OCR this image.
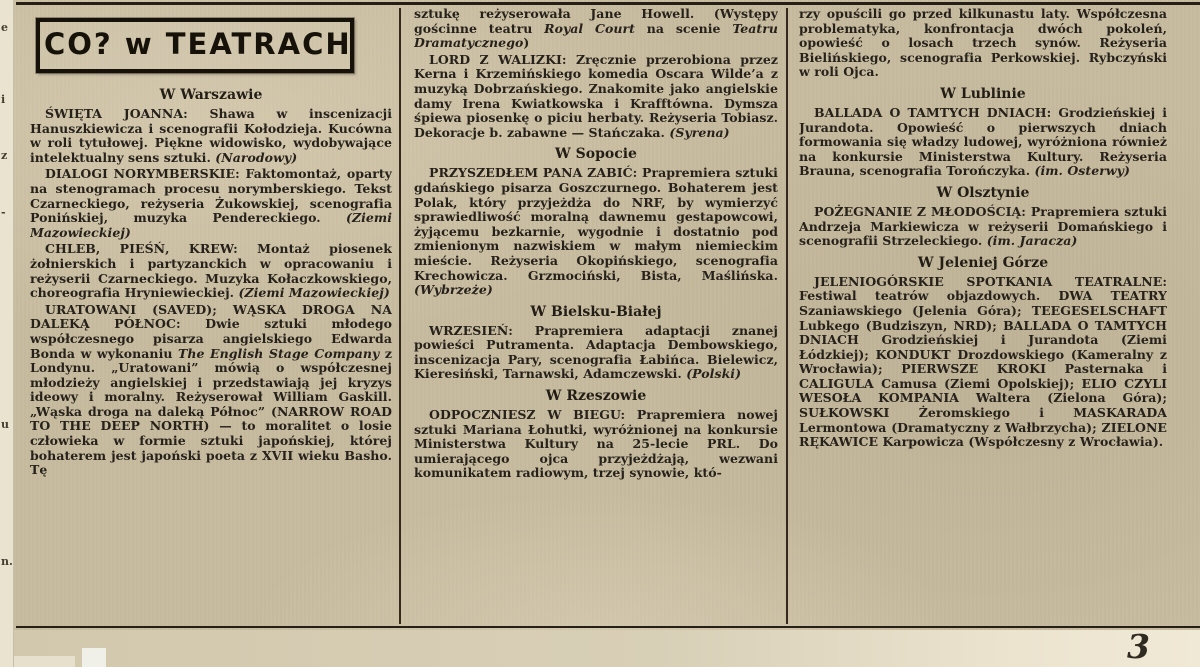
CO? w TEATRACH
W Warszawie

ŚWIĘTA JOANNA: Shawa w inscenizacji Hanuszkiewicza i scenografii Kołodzieja. Kucówna w roli tytułowej. Piękne widowisko, wydobywające intelektualny sens sztuki. (Narodowy)

DIALOGI NORYMBERSKIE: Faktomontaż, oparty na stenogramach procesu norymberskiego. Tekst Czarneckiego, reżyseria Żukowskiej, scenografia Ponińskiej, muzyka Pendereckiego. (Ziemi Mazowieckiej)

CHLEB, PIEŚŃ, KREW: Montaż piosenek żołnierskich i partyzanckich w opracowaniu i reżyserii Czarneckiego. Muzyka Kołaczkowskiego, choreografia Hryniewieckiej. (Ziemi Mazowieckiej)

URATOWANI (SAVED); WĄSKA DROGA NA DALEKĄ PÓŁNOC: Dwie sztuki młodego współczesnego pisarza angielskiego Edwarda Bonda w wykonaniu The English Stage Company z Londynu. „Uratowani” mówią o współczesnej młodzieży angielskiej i przedstawiają jej kryzys ideowy i moralny. Reżyserował William Gaskill. „Wąska droga na daleką Północ” (NARROW ROAD TO THE DEEP NORTH) — to moralitet o losie człowieka w formie sztuki japońskiej, której bohaterem jest japoński poeta z XVII wieku Basho. Tę

sztukę reżyserowała Jane Howell. (Występy gościnne teatru Royal Court na scenie Teatru Dramatycznego)

LORD Z WALIZKI: Zręcznie przerobiona przez Kerna i Krzemińskiego komedia Oscara Wilde’a z muzyką Dobrzańskiego. Znakomite jako angielskie damy Irena Kwiatkowska i Krafftówna. Dymsza śpiewa piosenkę o piciu herbaty. Reżyseria Tobiasz. Dekoracje b. zabawne — Stańczaka. (Syrena)

W Sopocie

PRZYSZEDŁEM PANA ZABIĆ: Prapremiera sztuki gdańskiego pisarza Goszczurnego. Bohaterem jest Polak, który przyjeżdża do NRF, by wymierzyć sprawiedliwość moralną dawnemu gestapowcowi, żyjącemu bezkarnie, wygodnie i dostatnio pod zmienionym nazwiskiem w małym niemieckim mieście. Reżyseria Okopińskiego, scenografia Krechowicza. Grzmociński, Bista, Maślińska. (Wybrzeże)

W Bielsku-Białej

WRZESIEŃ: Prapremiera adaptacji znanej powieści Putramenta. Adaptacja Dembowskiego, inscenizacja Pary, scenografia Łabińca. Bielewicz, Kieresiński, Tarnawski, Adamczewski. (Polski)

W Rzeszowie

ODPOCZNIESZ W BIEGU: Prapremiera nowej sztuki Mariana Łohutki, wyróżnionej na konkursie Ministerstwa Kultury na 25-lecie PRL. Do umierającego ojca przyjeżdżają, wezwani komunikatem radiowym, trzej synowie, któ-

rzy opuścili go przed kilkunastu laty. Współczesna problematyka, konfrontacja dwóch pokoleń, opowieść o losach trzech synów. Reżyseria Bielińskiego, scenografia Perkowskiej. Rybczyński w roli Ojca.

W Lublinie

BALLADA O TAMTYCH DNIACH: Grodzieńskiej i Jurandota. Opowieść o pierwszych dniach formowania się władzy ludowej, wyróżniona również na konkursie Ministerstwa Kultury. Reżyseria Brauna, scenografia Torończyka. (im. Osterwy)

W Olsztynie

POŻEGNANIE Z MŁODOŚCIĄ: Prapremiera sztuki Andrzeja Markiewicza w reżyserii Domańskiego i scenografii Strzeleckiego. (im. Jaracza)

W Jeleniej Górze

JELENIOGÓRSKIE SPOTKANIA TEATRALNE: Festiwal teatrów objazdowych. DWA TEATRY Szaniawskiego (Jelenia Góra); TEEGESELSCHAFT Lubkego (Budziszyn, NRD); BALLADA O TAMTYCH DNIACH Grodzieńskiej i Jurandota (Ziemi Łódzkiej); KONDUKT Drozdowskiego (Kameralny z Wrocławia); PIERWSZE KROKI Pasternaka i CALIGULA Camusa (Ziemi Opolskiej); ELIO CZYLI WESOŁA KOMPANIA Waltera (Zielona Góra); SUŁKOWSKI Żeromskiego i MASKARADA Lermontowa (Dramatyczny z Wałbrzycha); ZIELONE RĘKAWICE Karpowicza (Współczesny z Wrocławia).

3
e
i
z
-
u
n.
